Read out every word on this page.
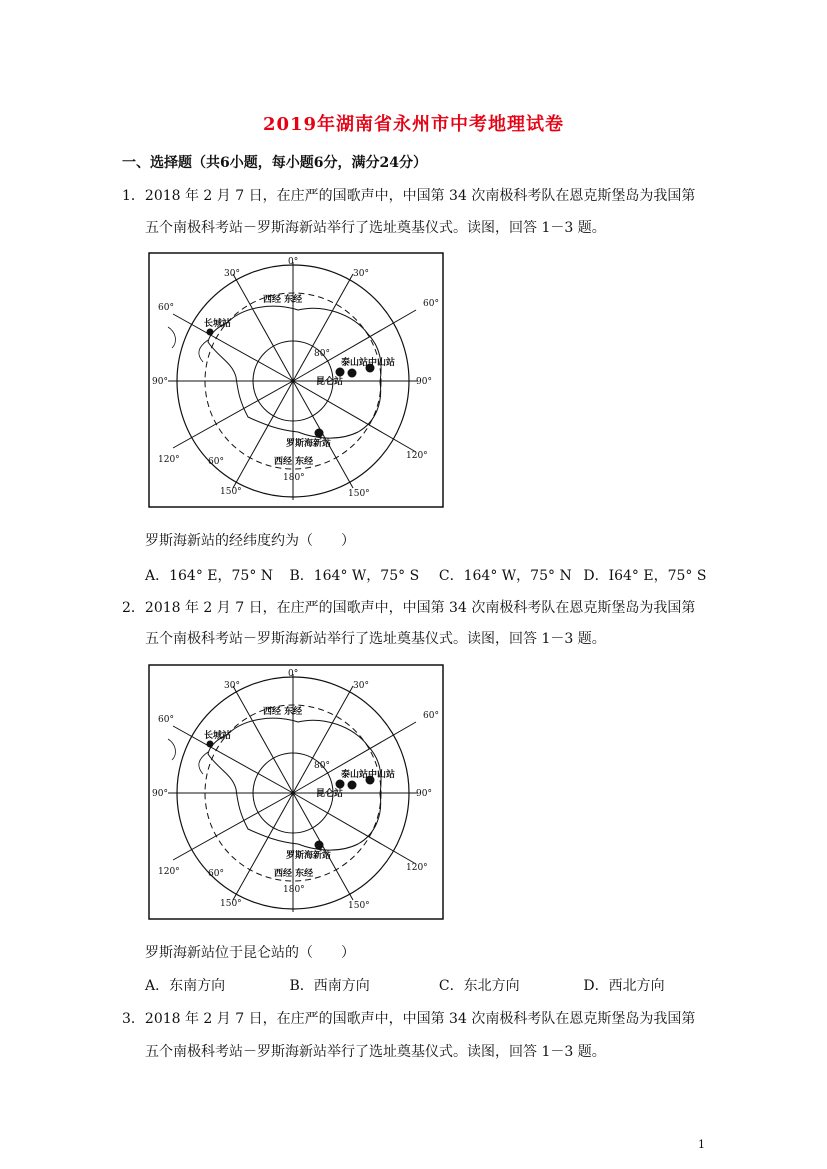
2019年湖南省永州市中考地理试卷
一、选择题（共6小题，每小题6分，满分24分）
1．2018 年 2 月 7 日，在庄严的国歌声中，中国第 34 次南极科考队在恩克斯堡岛为我国第
五个南极科考站－罗斯海新站举行了选址奠基仪式。读图，回答 1－3 题。
0°
30°	30°
60°	60°
90°	90°
120°	120°
150°	150°
180°
60°
80°
西经 东经
西经 东经
长城站
泰山站 中山站
昆仑站
罗斯海新站
罗斯海新站的经纬度约为（　　）
A．164° E，75° N B．164° W，75° S C．164° W，75° N D．I64° E，75° S
2．2018 年 2 月 7 日，在庄严的国歌声中，中国第 34 次南极科考队在恩克斯堡岛为我国第
五个南极科考站－罗斯海新站举行了选址奠基仪式。读图，回答 1－3 题。
0°
30°	30°
60°	60°
90°	90°
120°	120°
150°	150°
180°
60°
80°
西经 东经
西经 东经
长城站
泰山站 中山站
昆仑站
罗斯海新站
罗斯海新站位于昆仑站的（　　）
A．东南方向	B．西南方向	C．东北方向	D．西北方向
3．2018 年 2 月 7 日，在庄严的国歌声中，中国第 34 次南极科考队在恩克斯堡岛为我国第
五个南极科考站－罗斯海新站举行了选址奠基仪式。读图，回答 1－3 题。
1
